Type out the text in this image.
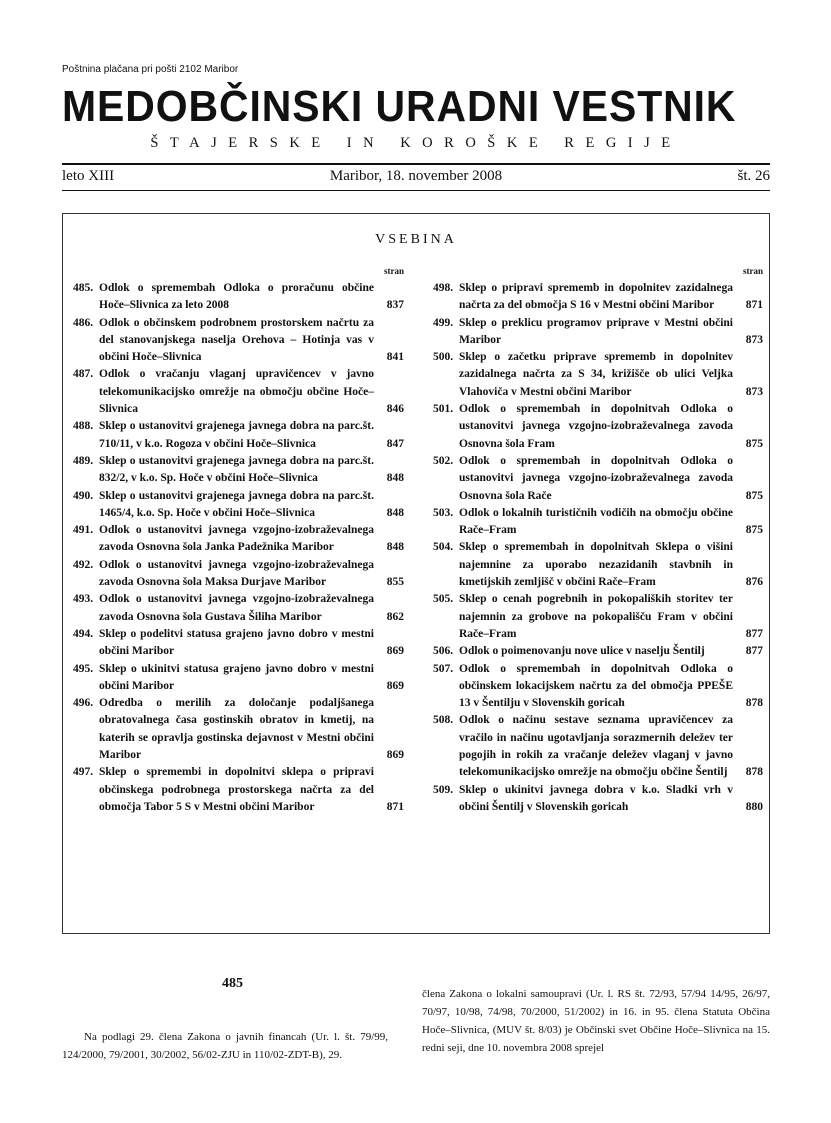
Poštnina plačana pri pošti 2102 Maribor
MEDOBČINSKI URADNI VESTNIK
ŠTAJERSKE IN KOROŠKE REGIJE
leto XIII	Maribor, 18. november 2008	št. 26
VSEBINA
stran
485. Odlok o spremembah Odloka o proračunu občine Hoče–Slivnica za leto 2008	837
486. Odlok o občinskem podrobnem prostorskem načrtu za del stanovanjskega naselja Orehova – Hotinja vas v občini Hoče–Slivnica	841
487. Odlok o vračanju vlaganj upravičencev v javno telekomunikacijsko omrežje na območju občine Hoče–Slivnica	846
488. Sklep o ustanovitvi grajenega javnega dobra na parc.št. 710/11, v k.o. Rogoza v občini Hoče–Slivnica	847
489. Sklep o ustanovitvi grajenega javnega dobra na parc.št. 832/2, v k.o. Sp. Hoče v občini Hoče–Slivnica	848
490. Sklep o ustanovitvi grajenega javnega dobra na parc.št. 1465/4, k.o. Sp. Hoče v občini Hoče–Slivnica	848
491. Odlok o ustanovitvi javnega vzgojno-izobraževalnega zavoda Osnovna šola Janka Padežnika Maribor	848
492. Odlok o ustanovitvi javnega vzgojno-izobraževalnega zavoda Osnovna šola Maksa Durjave Maribor	855
493. Odlok o ustanovitvi javnega vzgojno-izobraževalnega zavoda Osnovna šola Gustava Šiliha Maribor	862
494. Sklep o podelitvi statusa grajeno javno dobro v mestni občini Maribor	869
495. Sklep o ukinitvi statusa grajeno javno dobro v mestni občini Maribor	869
496. Odredba o merilih za določanje podaljšanega obratovalnega časa gostinskih obratov in kmetij, na katerih se opravlja gostinska dejavnost v Mestni občini Maribor	869
497. Sklep o spremembi in dopolnitvi sklepa o pripravi občinskega podrobnega prostorskega načrta za del območja Tabor 5 S v Mestni občini Maribor	871
stran
498. Sklep o pripravi sprememb in dopolnitev zazidalnega načrta za del območja S 16 v Mestni občini Maribor	871
499. Sklep o preklicu programov priprave v Mestni občini Maribor	873
500. Sklep o začetku priprave sprememb in dopolnitev zazidalnega načrta za S 34, križišče ob ulici Veljka Vlahoviča v Mestni občini Maribor	873
501. Odlok o spremembah in dopolnitvah Odloka o ustanovitvi javnega vzgojno-izobraževalnega zavoda Osnovna šola Fram	875
502. Odlok o spremembah in dopolnitvah Odloka o ustanovitvi javnega vzgojno-izobraževalnega zavoda Osnovna šola Rače	875
503. Odlok o lokalnih turističnih vodičih na območju občine Rače–Fram	875
504. Sklep o spremembah in dopolnitvah Sklepa o višini najemnine za uporabo nezazidanih stavbnih in kmetijskih zemljišč v občini Rače–Fram	876
505. Sklep o cenah pogrebnih in pokopaliških storitev ter najemnin za grobove na pokopališču Fram v občini Rače–Fram	877
506. Odlok o poimenovanju nove ulice v naselju Šentilj	877
507. Odlok o spremembah in dopolnitvah Odloka o občinskem lokacijskem načrtu za del območja PPEŠE 13 v Šentilju v Slovenskih goricah	878
508. Odlok o načinu sestave seznama upravičencev za vračilo in načinu ugotavljanja sorazmernih deležev ter pogojih in rokih za vračanje deležev vlaganj v javno telekomunikacijsko omrežje na območju občine Šentilj	878
509. Sklep o ukinitvi javnega dobra v k.o. Sladki vrh v občini Šentilj v Slovenskih goricah	880
485
Na podlagi 29. člena Zakona o javnih financah (Ur. l. št. 79/99, 124/2000, 79/2001, 30/2002, 56/02-ZJU in 110/02-ZDT-B), 29.
člena Zakona o lokalni samoupravi (Ur. l. RS št. 72/93, 57/94 14/95, 26/97, 70/97, 10/98, 74/98, 70/2000, 51/2002) in 16. in 95. člena Statuta Občina Hoče–Slivnica, (MUV št. 8/03) je Občinski svet Občine Hoče–Slivnica na 15. redni seji, dne 10. novembra 2008 sprejel
